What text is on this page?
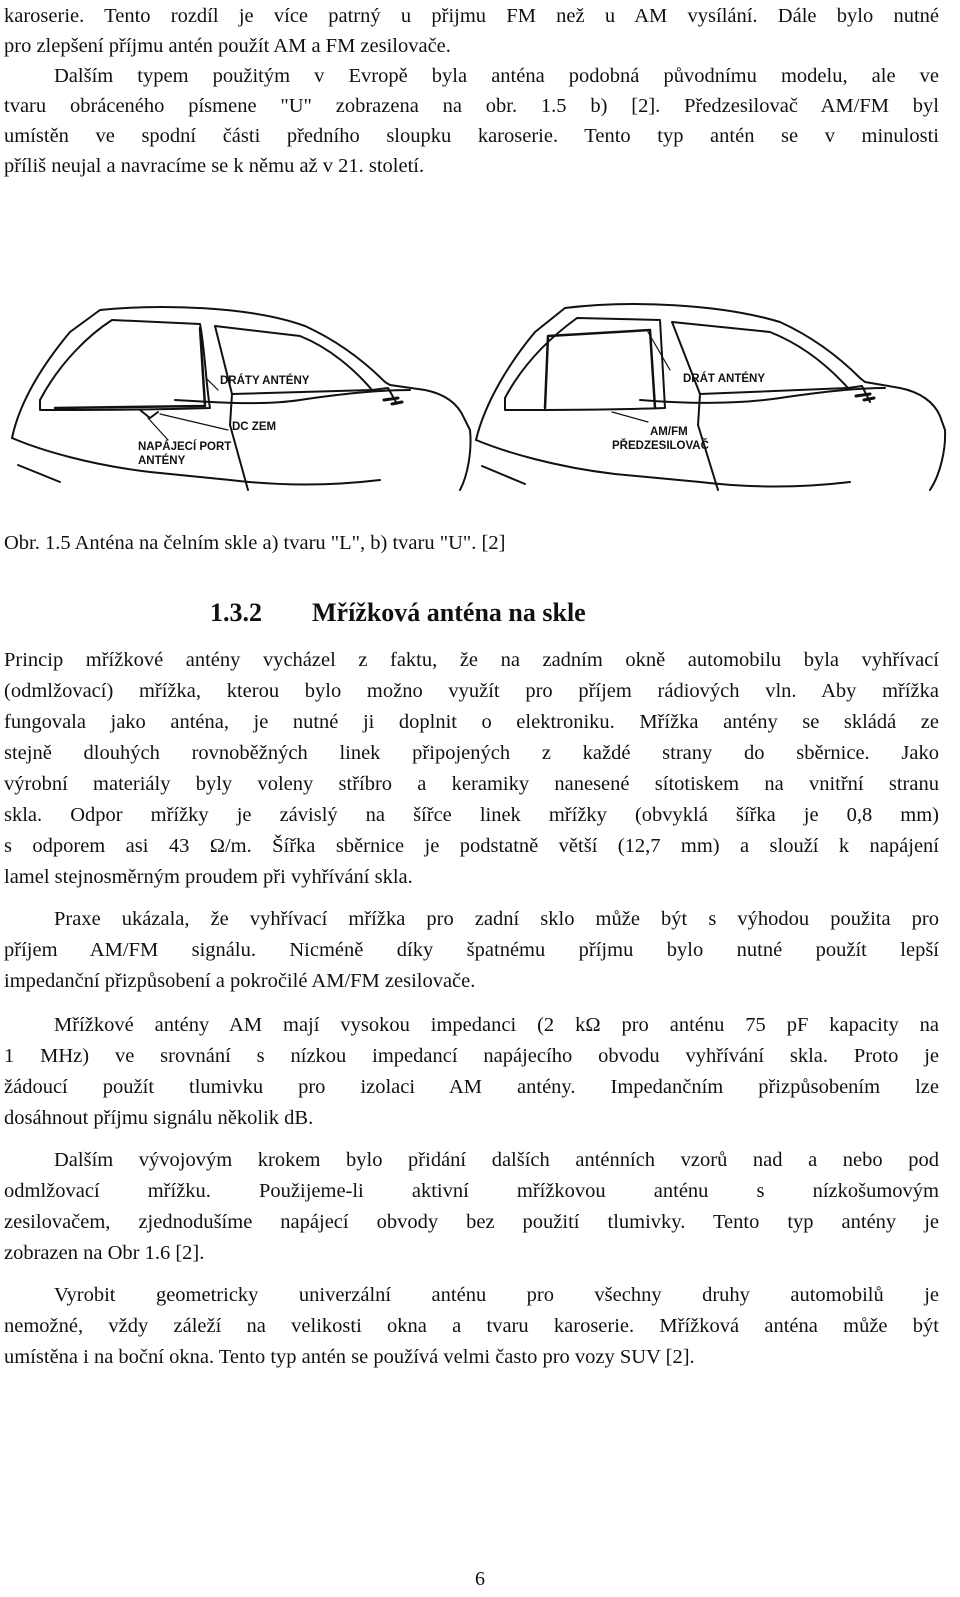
karoserie. Tento rozdíl je více patrný u přijmu FM než u AM vysílání. Dále bylo nutné
pro zlepšení příjmu antén použít AM a FM zesilovače.
Dalším typem použitým v Evropě byla anténa podobná původnímu modelu, ale ve
tvaru obráceného písmene "U" zobrazena na obr. 1.5 b) [2]. Předzesilovač AM/FM byl
umístěn ve spodní části předního sloupku karoserie. Tento typ antén se v minulosti
příliš neujal a navracíme se k němu až v 21. století.
DRÁTY ANTÉNY
DC ZEM
NAPÁJECÍ PORT
ANTÉNY
DRÁT ANTÉNY
AM/FM
PŘEDZESILOVAČ
Obr. 1.5 Anténa na čelním skle a) tvaru "L", b) tvaru "U". [2]
1.3.2 Mřížková anténa na skle
Princip mřížkové antény vycházel z faktu, že na zadním okně automobilu byla vyhřívací
(odmlžovací) mřížka, kterou bylo možno využít pro příjem rádiových vln. Aby mřížka
fungovala jako anténa, je nutné ji doplnit o elektroniku. Mřížka antény se skládá ze
stejně dlouhých rovnoběžných linek připojených z každé strany do sběrnice. Jako
výrobní materiály byly voleny stříbro a keramiky nanesené sítotiskem na vnitřní stranu
skla. Odpor mřížky je závislý na šířce linek mřížky (obvyklá šířka je 0,8 mm)
s odporem asi 43 Ω/m. Šířka sběrnice je podstatně větší (12,7 mm) a slouží k napájení
lamel stejnosměrným proudem při vyhřívání skla.
Praxe ukázala, že vyhřívací mřížka pro zadní sklo může být s výhodou použita pro
příjem AM/FM signálu. Nicméně díky špatnému příjmu bylo nutné použít lepší
impedanční přizpůsobení a pokročilé AM/FM zesilovače.
Mřížkové antény AM mají vysokou impedanci (2 kΩ pro anténu 75 pF kapacity na
1 MHz) ve srovnání s nízkou impedancí napájecího obvodu vyhřívání skla. Proto je
žádoucí použít tlumivku pro izolaci AM antény. Impedančním přizpůsobením lze
dosáhnout příjmu signálu několik dB.
Dalším vývojovým krokem bylo přidání dalších anténních vzorů nad a nebo pod
odmlžovací mřížku. Použijeme-li aktivní mřížkovou anténu s nízkošumovým
zesilovačem, zjednodušíme napájecí obvody bez použití tlumivky. Tento typ antény je
zobrazen na Obr 1.6 [2].
Vyrobit geometricky univerzální anténu pro všechny druhy automobilů je
nemožné, vždy záleží na velikosti okna a tvaru karoserie. Mřížková anténa může být
umístěna i na boční okna. Tento typ antén se používá velmi často pro vozy SUV [2].
6
